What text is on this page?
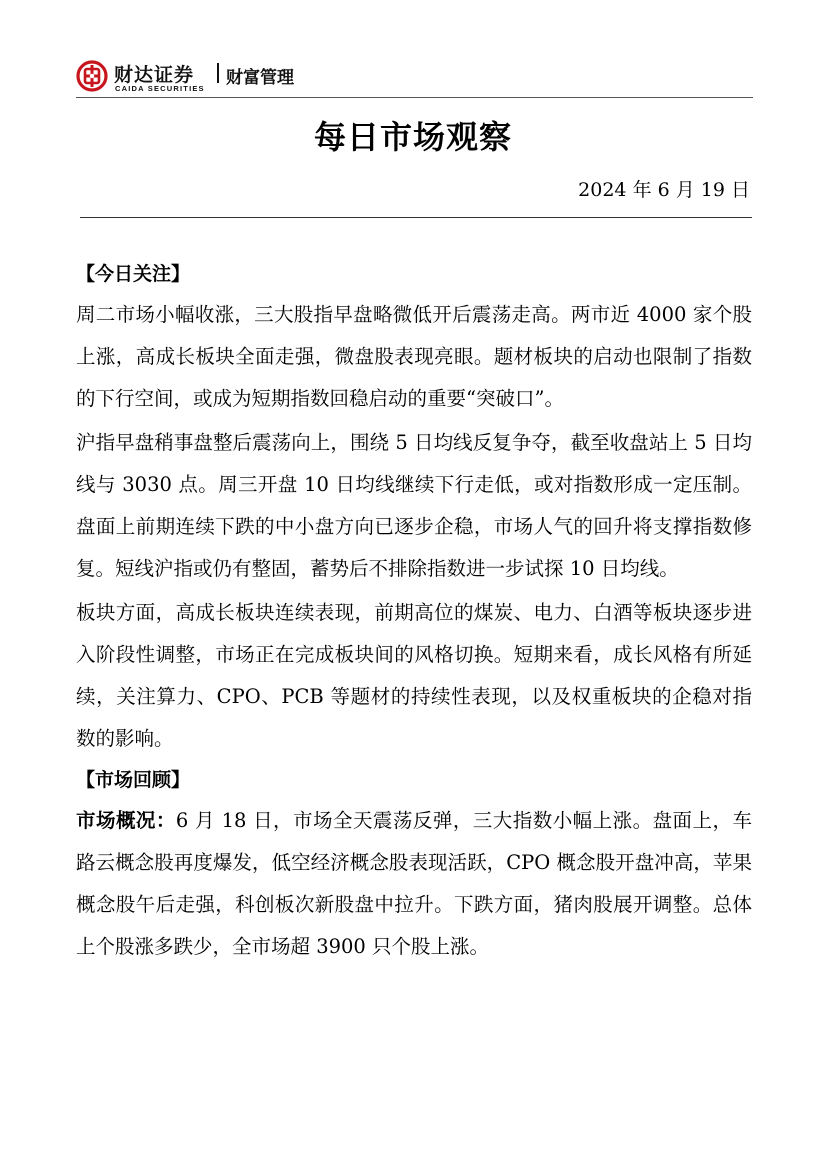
财达证券
CAIDA SECURITIES
财富管理
每日市场观察
2024 年 6 月 19 日
【今日关注】

周二市场小幅收涨，三大股指早盘略微低开后震荡走高。两市近 4000 家个股上涨，高成长板块全面走强，微盘股表现亮眼。题材板块的启动也限制了指数的下行空间，或成为短期指数回稳启动的重要“突破口”。

沪指早盘稍事盘整后震荡向上，围绕 5 日均线反复争夺，截至收盘站上 5 日均线与 3030 点。周三开盘 10 日均线继续下行走低，或对指数形成一定压制。盘面上前期连续下跌的中小盘方向已逐步企稳，市场人气的回升将支撑指数修复。短线沪指或仍有整固，蓄势后不排除指数进一步试探 10 日均线。

板块方面，高成长板块连续表现，前期高位的煤炭、电力、白酒等板块逐步进入阶段性调整，市场正在完成板块间的风格切换。短期来看，成长风格有所延续，关注算力、CPO、PCB 等题材的持续性表现，以及权重板块的企稳对指数的影响。

【市场回顾】

市场概况：6 月 18 日，市场全天震荡反弹，三大指数小幅上涨。盘面上，车路云概念股再度爆发，低空经济概念股表现活跃，CPO 概念股开盘冲高，苹果概念股午后走强，科创板次新股盘中拉升。下跌方面，猪肉股展开调整。总体上个股涨多跌少，全市场超 3900 只个股上涨。
